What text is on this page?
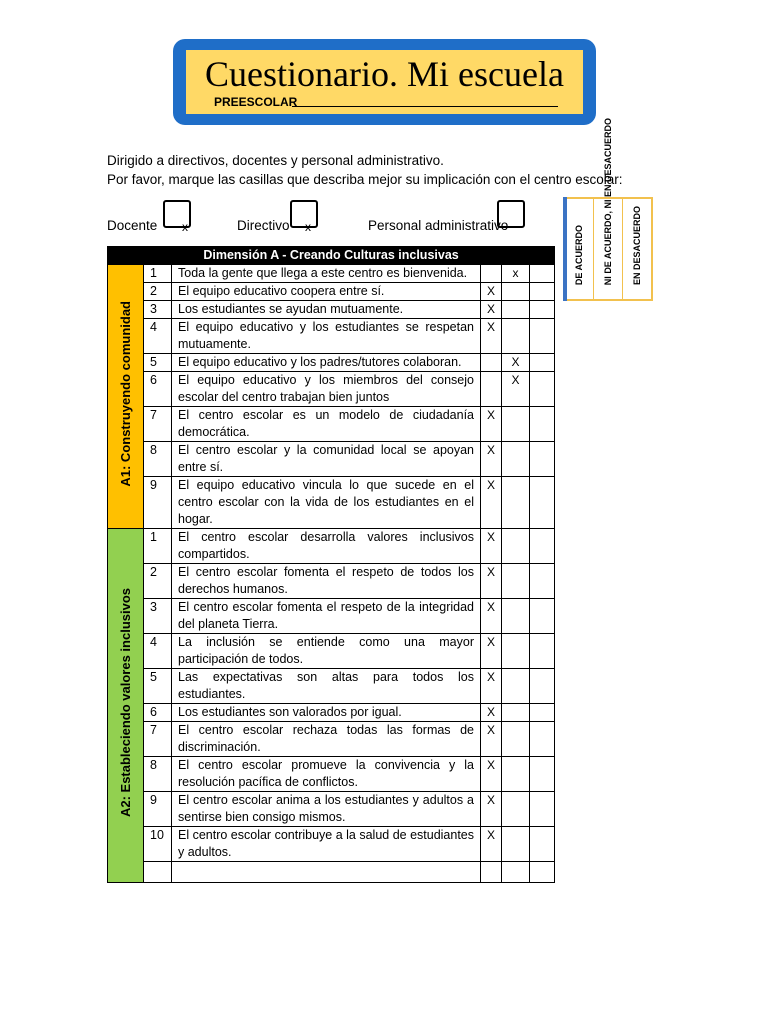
Cuestionario. Mi escuela
PREESCOLAR
Dirigido a directivos, docentes y personal administrativo.
Por favor, marque las casillas que describa mejor su implicación con el centro escolar:
Docente x	Directivo x	Personal administrativo	DE ACUERDO NI DE ACUERDO, NI EN DESACUERDO EN DESACUERDO
Dimensión A - Creando Culturas inclusivas					
A1: Construyendo comunidad	1	Toda la gente que llega a este centro es bienvenida.		x	
	2	El equipo educativo coopera entre sí.	X		
	3	Los estudiantes se ayudan mutuamente.	X		
	4	El equipo educativo y los estudiantes se respetan mutuamente.	X		
	5	El equipo educativo y los padres/tutores colaboran.		X	
	6	El equipo educativo y los miembros del consejo escolar del centro trabajan bien juntos		X	
	7	El centro escolar es un modelo de ciudadanía democrática.	X		
	8	El centro escolar y la comunidad local se apoyan entre sí.	X		
	9	El equipo educativo vincula lo que sucede en el centro escolar con la vida de los estudiantes en el hogar.	X		
A2: Estableciendo valores inclusivos	1	El centro escolar desarrolla valores inclusivos compartidos.	X		
	2	El centro escolar fomenta el respeto de todos los derechos humanos.	X		
	3	El centro escolar fomenta el respeto de la integridad del planeta Tierra.	X		
	4	La inclusión se entiende como una mayor participación de todos.	X		
	5	Las expectativas son altas para todos los estudiantes.	X		
	6	Los estudiantes son valorados por igual.	X		
	7	El centro escolar rechaza todas las formas de discriminación.	X		
	8	El centro escolar promueve la convivencia y la resolución pacífica de conflictos.	X		
	9	El centro escolar anima a los estudiantes y adultos a sentirse bien consigo mismos.	X		
	10	El centro escolar contribuye a la salud de estudiantes y adultos.	X		
